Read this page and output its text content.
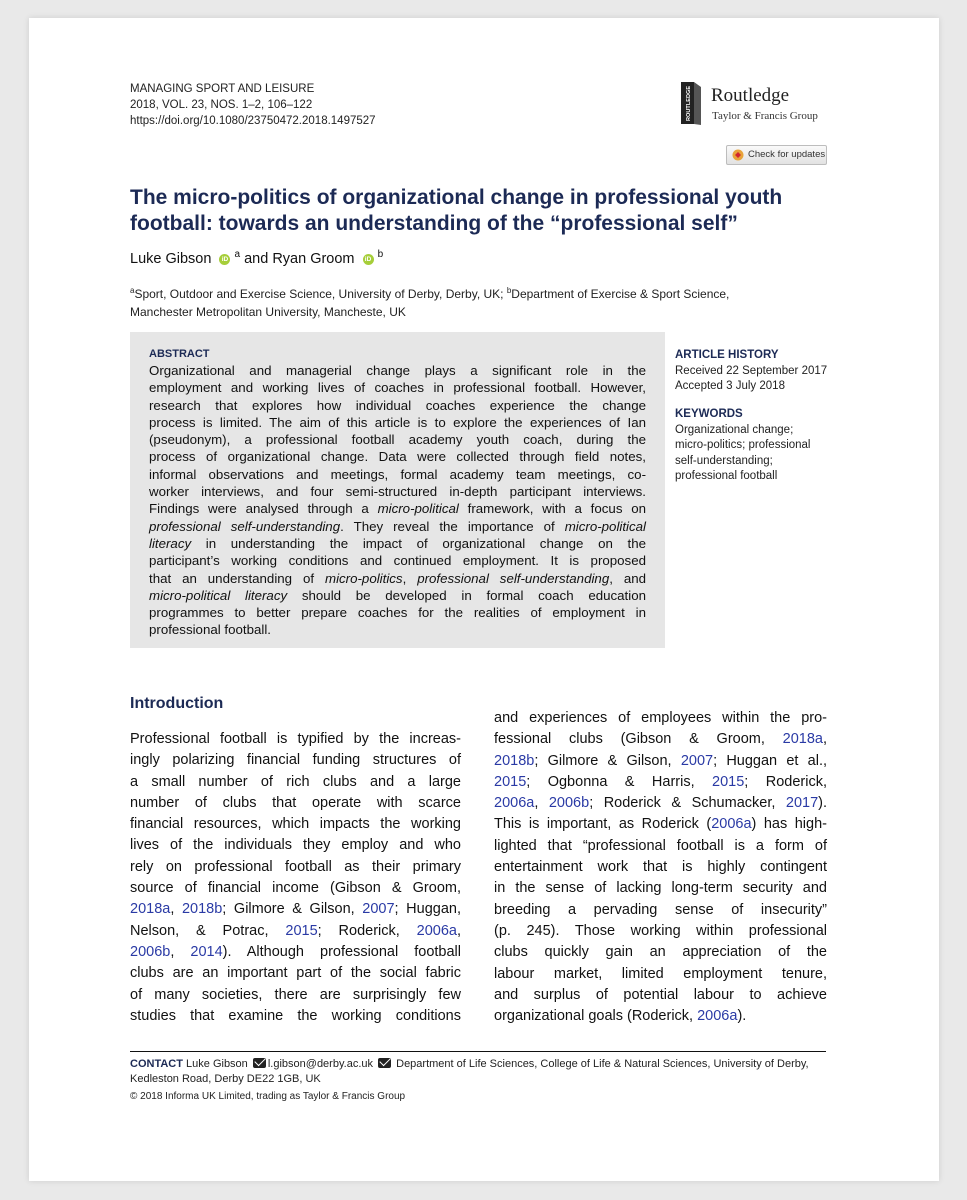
MANAGING SPORT AND LEISURE
2018, VOL. 23, NOS. 1–2, 106–122
https://doi.org/10.1080/23750472.2018.1497527	ROUTLEDGE Routledge
Taylor & Francis Group
Check for updates
The micro-politics of organizational change in professional youth
football: towards an understanding of the “professional self”
Luke Gibson iD $^a$ and Ryan Groom iD $^b$
$^a$Sport, Outdoor and Exercise Science, University of Derby, Derby, UK; $^b$Department of Exercise & Sport Science,
Manchester Metropolitan University, Mancheste, UK
ABSTRACT
Organizational and managerial change plays a significant role in the
employment and working lives of coaches in professional football. However,
research that explores how individual coaches experience the change
process is limited. The aim of this article is to explore the experiences of Ian
(pseudonym), a professional football academy youth coach, during the
process of organizational change. Data were collected through field notes,
informal observations and meetings, formal academy team meetings, co-
worker interviews, and four semi-structured in-depth participant interviews.
Findings were analysed through a micro-political framework, with a focus on
professional self-understanding. They reveal the importance of micro-political
literacy in understanding the impact of organizational change on the
participant’s working conditions and continued employment. It is proposed
that an understanding of micro-politics, professional self-understanding, and
micro-political literacy should be developed in formal coach education
programmes to better prepare coaches for the realities of employment in
professional football.
ARTICLE HISTORY
Received 22 September 2017
Accepted 3 July 2018
KEYWORDS
Organizational change;
micro-politics; professional
self-understanding;
professional football
Introduction
Professional football is typified by the increas-
ingly polarizing financial funding structures of
a small number of rich clubs and a large
number of clubs that operate with scarce
financial resources, which impacts the working
lives of the individuals they employ and who
rely on professional football as their primary
source of financial income (Gibson & Groom,
2018a, 2018b; Gilmore & Gilson, 2007; Huggan,
Nelson, & Potrac, 2015; Roderick, 2006a,
2006b, 2014). Although professional football
clubs are an important part of the social fabric
of many societies, there are surprisingly few
studies that examine the working conditions
and experiences of employees within the pro-
fessional clubs (Gibson & Groom, 2018a,
2018b; Gilmore & Gilson, 2007; Huggan et al.,
2015; Ogbonna & Harris, 2015; Roderick,
2006a, 2006b; Roderick & Schumacker, 2017).
This is important, as Roderick (2006a) has high-
lighted that “professional football is a form of
entertainment work that is highly contingent
in the sense of lacking long-term security and
breeding a pervading sense of insecurity”
(p. 245). Those working within professional
clubs quickly gain an appreciation of the
labour market, limited employment tenure,
and surplus of potential labour to achieve
organizational goals (Roderick, 2006a).
CONTACT Luke Gibson l.gibson@derby.ac.uk Department of Life Sciences, College of Life & Natural Sciences, University of Derby,
Kedleston Road, Derby DE22 1GB, UK
© 2018 Informa UK Limited, trading as Taylor & Francis Group
